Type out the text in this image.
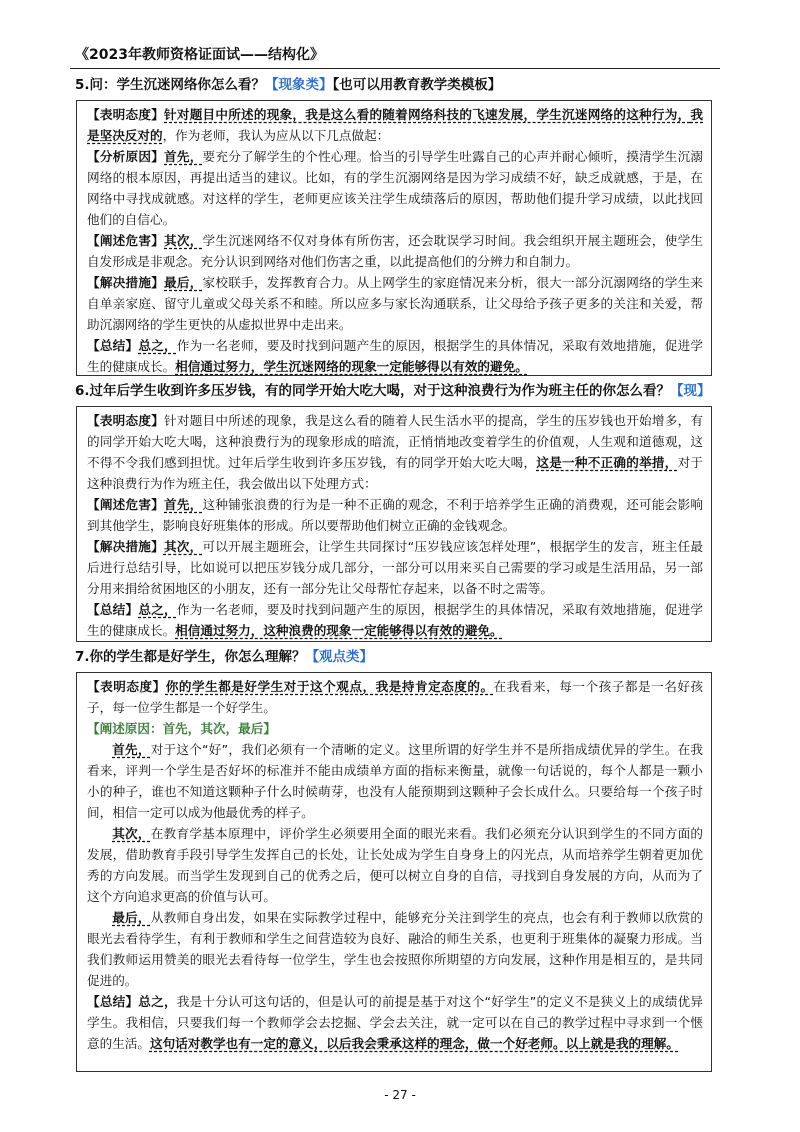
《2023年教师资格证面试——结构化》
5.问：学生沉迷网络你怎么看？【现象类】【也可以用教育教学类模板】

【表明态度】针对题目中所述的现象，我是这么看的随着网络科技的飞速发展，学生沉迷网络的这种行为，我是坚决反对的，作为老师，我认为应从以下几点做起：

【分析原因】首先，要充分了解学生的个性心理。恰当的引导学生吐露自己的心声并耐心倾听，摸清学生沉溺网络的根本原因，再提出适当的建议。比如，有的学生沉溺网络是因为学习成绩不好，缺乏成就感，于是，在网络中寻找成就感。对这样的学生，老师更应该关注学生成绩落后的原因，帮助他们提升学习成绩，以此找回他们的自信心。

【阐述危害】其次，学生沉迷网络不仅对身体有所伤害，还会耽误学习时间。我会组织开展主题班会，使学生自发形成是非观念。充分认识到网络对他们伤害之重，以此提高他们的分辨力和自制力。

【解决措施】最后，家校联手，发挥教育合力。从上网学生的家庭情况来分析，很大一部分沉溺网络的学生来自单亲家庭、留守儿童或父母关系不和睦。所以应多与家长沟通联系，让父母给予孩子更多的关注和关爱，帮助沉溺网络的学生更快的从虚拟世界中走出来。

【总结】总之，作为一名老师，要及时找到问题产生的原因，根据学生的具体情况，采取有效地措施，促进学生的健康成长。相信通过努力，学生沉迷网络的现象一定能够得以有效的避免。

6.过年后学生收到许多压岁钱，有的同学开始大吃大喝，对于这种浪费行为作为班主任的你怎么看？【现】

【表明态度】针对题目中所述的现象，我是这么看的随着人民生活水平的提高，学生的压岁钱也开始增多，有的同学开始大吃大喝，这种浪费行为的现象形成的暗流，正悄悄地改变着学生的价值观，人生观和道德观，这不得不令我们感到担忧。过年后学生收到许多压岁钱，有的同学开始大吃大喝，这是一种不正确的举措，对于这种浪费行为作为班主任，我会做出以下处理方式：

【阐述危害】首先，这种铺张浪费的行为是一种不正确的观念，不利于培养学生正确的消费观，还可能会影响到其他学生，影响良好班集体的形成。所以要帮助他们树立正确的金钱观念。

【解决措施】其次，可以开展主题班会，让学生共同探讨“压岁钱应该怎样处理”，根据学生的发言，班主任最后进行总结引导，比如说可以把压岁钱分成几部分，一部分可以用来买自己需要的学习或是生活用品，另一部分用来捐给贫困地区的小朋友，还有一部分先让父母帮忙存起来，以备不时之需等。

【总结】总之，作为一名老师，要及时找到问题产生的原因，根据学生的具体情况，采取有效地措施，促进学生的健康成长。相信通过努力，这种浪费的现象一定能够得以有效的避免。

7.你的学生都是好学生，你怎么理解？【观点类】

【表明态度】你的学生都是好学生对于这个观点，我是持肯定态度的。在我看来，每一个孩子都是一名好孩子，每一位学生都是一个好学生。

【阐述原因：首先，其次，最后】

首先，对于这个“好”，我们必须有一个清晰的定义。这里所谓的好学生并不是所指成绩优异的学生。在我看来，评判一个学生是否好坏的标准并不能由成绩单方面的指标来衡量，就像一句话说的，每个人都是一颗小小的种子，谁也不知道这颗种子什么时候萌芽，也没有人能预期到这颗种子会长成什么。只要给每一个孩子时间，相信一定可以成为他最优秀的样子。

其次，在教育学基本原理中，评价学生必须要用全面的眼光来看。我们必须充分认识到学生的不同方面的发展，借助教育手段引导学生发挥自己的长处，让长处成为学生自身身上的闪光点，从而培养学生朝着更加优秀的方向发展。而当学生发现到自己的优秀之后，便可以树立自身的自信，寻找到自身发展的方向，从而为了这个方向追求更高的价值与认可。

最后，从教师自身出发，如果在实际教学过程中，能够充分关注到学生的亮点，也会有利于教师以欣赏的眼光去看待学生，有利于教师和学生之间营造较为良好、融洽的师生关系，也更利于班集体的凝聚力形成。当我们教师运用赞美的眼光去看待每一位学生，学生也会按照你所期望的方向发展，这种作用是相互的，是共同促进的。

【总结】总之，我是十分认可这句话的，但是认可的前提是基于对这个“好学生”的定义不是狭义上的成绩优异学生。我相信，只要我们每一个教师学会去挖掘、学会去关注，就一定可以在自己的教学过程中寻求到一个惬意的生活。这句话对教学也有一定的意义，以后我会秉承这样的理念，做一个好老师。以上就是我的理解。

- 27 -
